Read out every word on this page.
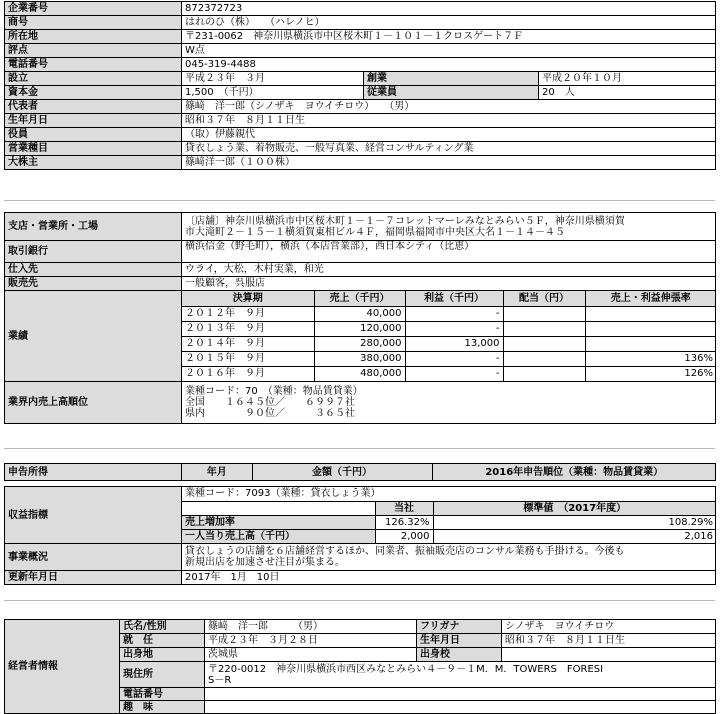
企業番号	872372723		
商号	はれのひ（株）　　（ハレノヒ）		
所在地	〒231-0062　神奈川県横浜市中区桜木町１－１０１－１クロスゲート７Ｆ		
評点	W点		
電話番号	045-319-4488		
設立	平成２３年　３月	創業	平成２０年１０月
資本金	1,500　（千円）	従業員	20　人
代表者	篠﨑　洋一郎（シノザキ　ヨウイチロウ）　　（男）		
生年月日	昭和３７年　８月１１日生		
役員	（取）伊藤親代		
営業種目	貸衣しょう業、着物販売、一般写真業、経営コンサルティング業		
大株主	篠﨑洋一郎（１００株）		
支店・営業所・工場	〔店舗〕神奈川県横浜市中区桜木町１－１－７コレットマーレみなとみらい５Ｆ，神奈川県横須賀
市大滝町２－１５－１横須賀東相ビル４Ｆ，福岡県福岡市中央区大名１－１４－４５
取引銀行	横浜信金（野毛町），横浜（本店営業部），西日本シティ（比恵）
仕入先	ウライ，大松，木村実業，和光
販売先	一般顧客，呉服店
業績	
決算期	売上（千円）	利益（千円）	配当（円）	売上・利益伸張率
２０１２年　９月	40,000	-		
２０１３年　９月	120,000	-		
２０１４年　９月	280,000	13,000		
２０１５年　９月	380,000	-		136%
２０１６年　９月	480,000	-		126%

業界内売上高順位	業種コード：70　（業種：物品賃貸業）
全国　　１６４５位／　　６９９７社
県内　　　　９０位／　　　３６５社
申告所得		年月	金額（千円）	2016年申告順位（業種：物品賃貸業）
収益指標	
業種コード：7093（業種：貸衣しょう業）
	当社	標準値　（2017年度）
売上増加率	126.32%	108.29%
一人当り売上高（千円）	2,000	2,016

事業概況	貸衣しょうの店舗を６店舗経営するほか、同業者、振袖販売店のコンサル業務も手掛ける。今後も
新規出店を加速させ注目が集まる。
更新年月日	2017年　1月　10日
経営者情報	氏名/性別	篠﨑　洋一郎　　　（男）	フリガナ	シノザキ　ヨウイチロウ
	就　任	平成２３年　３月２８日	生年月日	昭和３７年　８月１１日生
	出身地	茨城県	出身校	
	現住所	〒220-0012　神奈川県横浜市西区みなとみらい４－９－１M．M．TOWERS　FORESI
S－R		
	電話番号			
	趣　味			
